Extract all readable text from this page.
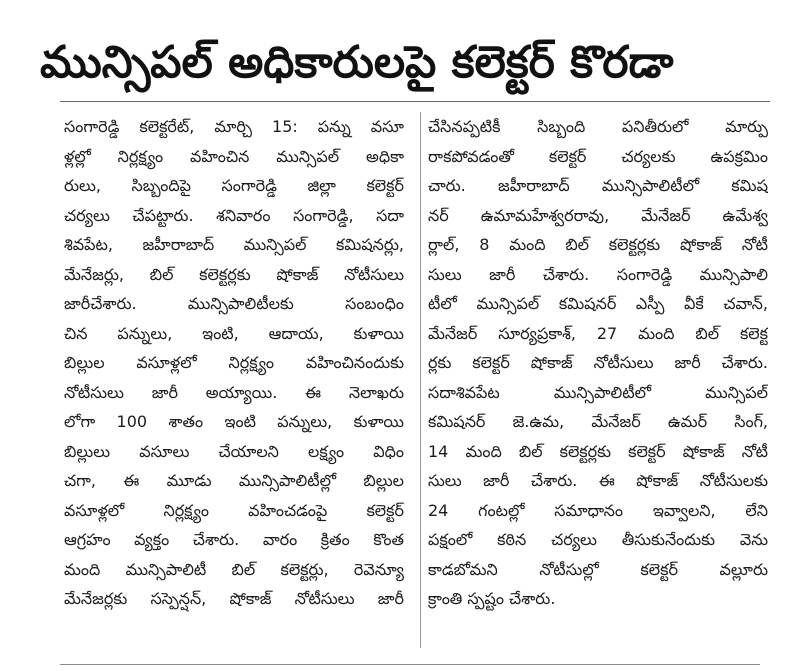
మున్సిపల్ అధికారులపై కలెక్టర్ కొరడా
సంగారెడ్డి కలెక్టరేట్, మార్చి 15: పన్ను వసూ
ళ్లల్లో నిర్లక్ష్యం వహించిన మున్సిపల్ అధికా
రులు, సిబ్బందిపై సంగారెడ్డి జిల్లా కలెక్టర్
చర్యలు చేపట్టారు. శనివారం సంగారెడ్డి, సదా
శివపేట, జహీరాబాద్ మున్సిపల్ కమిషనర్లు,
మేనేజర్లు, బిల్ కలెక్టర్లకు షోకాజ్ నోటీసులు
జారీచేశారు. మున్సిపాలిటీలకు సంబంధిం
చిన పన్నులు, ఇంటి, ఆదాయ, కుళాయి
బిల్లుల వసూళ్లలో నిర్లక్ష్యం వహించినందుకు
నోటీసులు జారీ అయ్యాయి. ఈ నెలాఖరు
లోగా 100 శాతం ఇంటి పన్నులు, కుళాయి
బిల్లులు వసూలు చేయాలని లక్ష్యం విధిం
చగా, ఈ మూడు మున్సిపాలిటీల్లో బిల్లుల
వసూళ్లలో నిర్లక్ష్యం వహించడంపై కలెక్టర్
ఆగ్రహం వ్యక్తం చేశారు. వారం క్రితం కొంత
మంది మున్సిపాలిటీ బిల్ కలెక్టర్లు, రెవెన్యూ
మేనేజర్లకు సస్పెన్షన్, షోకాజ్ నోటీసులు జారీ
చేసినప్పటికీ సిబ్బంది పనితీరులో మార్పు
రాకపోవడంతో కలెక్టర్ చర్యలకు ఉపక్రమిం
చారు. జహీరాబాద్ మున్సిపాలిటీలో కమిష
నర్ ఉమామహేశ్వరరావు, మేనేజర్ ఉమేశ్వ
ర్లాల్, 8 మంది బిల్ కలెక్టర్లకు షోకాజ్ నోటీ
సులు జారీ చేశారు. సంగారెడ్డి మున్సిపాలి
టీలో మున్సిపల్ కమిషనర్ ఎస్పీ వీకే చవాన్,
మేనేజర్ సూర్యప్రకాశ్, 27 మంది బిల్ కలెక్ట
ర్లకు కలెక్టర్ షోకాజ్ నోటీసులు జారీ చేశారు.
సదాశివపేట మున్సిపాలిటీలో మున్సిపల్
కమిషనర్ జె.ఉమ, మేనేజర్ ఉమర్ సింగ్,
14 మంది బిల్ కలెక్టర్లకు కలెక్టర్ షోకాజ్ నోటీ
సులు జారీ చేశారు. ఈ షోకాజ్ నోటీసులకు
24 గంటల్లో సమాధానం ఇవ్వాలని, లేని
పక్షంలో కఠిన చర్యలు తీసుకునేందుకు వెను
కాడబోమని నోటీసుల్లో కలెక్టర్ వల్లూరు
క్రాంతి స్పష్టం చేశారు.
